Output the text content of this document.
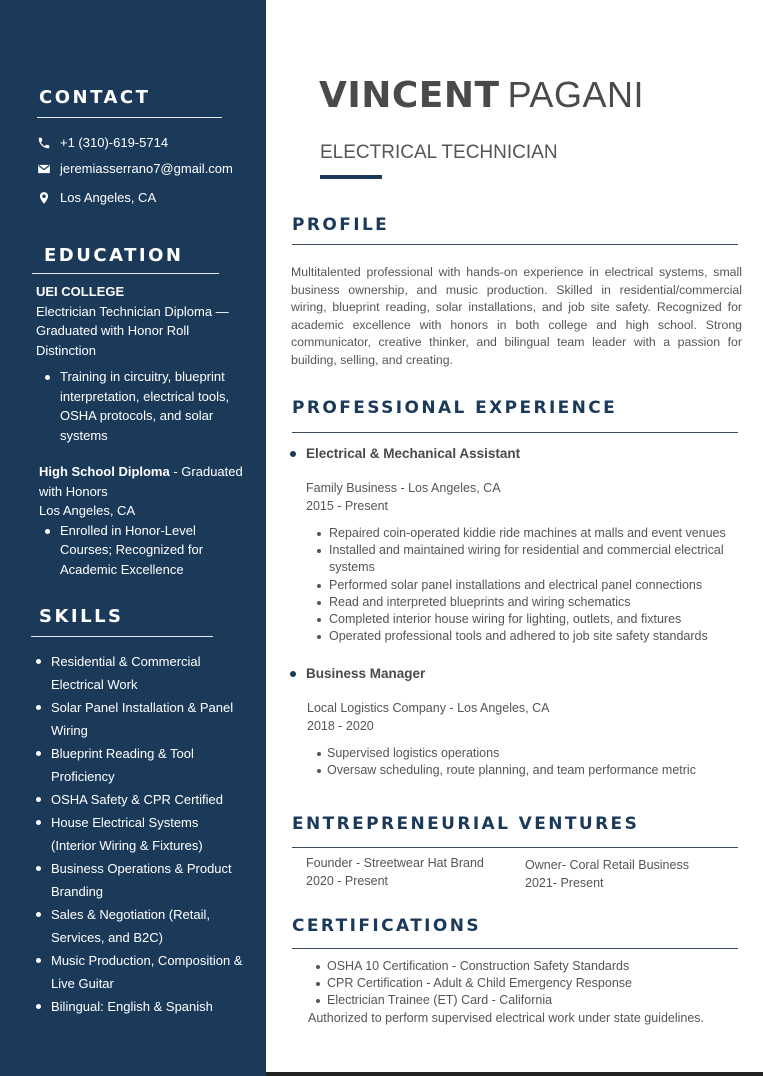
CONTACT
+1 (310)-619-5714
jeremiasserrano7@gmail.com
Los Angeles, CA
EDUCATION
UEI COLLEGE
Electrician Technician Diploma — Graduated with Honor Roll Distinction
Training in circuitry, blueprint interpretation, electrical tools, OSHA protocols, and solar systems
High School Diploma - Graduated with Honors
Los Angeles, CA
Enrolled in Honor-Level Courses; Recognized for Academic Excellence
SKILLS
Residential & Commercial Electrical Work
Solar Panel Installation & Panel Wiring
Blueprint Reading & Tool Proficiency
OSHA Safety & CPR Certified
House Electrical Systems (Interior Wiring & Fixtures)
Business Operations & Product Branding
Sales & Negotiation (Retail, Services, and B2C)
Music Production, Composition & Live Guitar
Bilingual: English & Spanish
VINCENT PAGANI

ELECTRICAL TECHNICIAN

PROFILE

Multitalented professional with hands-on experience in electrical systems, small business ownership, and music production. Skilled in residential/commercial wiring, blueprint reading, solar installations, and job site safety. Recognized for academic excellence with honors in both college and high school. Strong communicator, creative thinker, and bilingual team leader with a passion for building, selling, and creating.

PROFESSIONAL EXPERIENCE
Electrical & Mechanical Assistant
Family Business - Los Angeles, CA
2015 - Present
Repaired coin-operated kiddie ride machines at malls and event venues
Installed and maintained wiring for residential and commercial electrical systems
Performed solar panel installations and electrical panel connections
Read and interpreted blueprints and wiring schematics
Completed interior house wiring for lighting, outlets, and fixtures
Operated professional tools and adhered to job site safety standards
Business Manager
Local Logistics Company - Los Angeles, CA
2018 - 2020
Supervised logistics operations
Oversaw scheduling, route planning, and team performance metric
ENTREPRENEURIAL VENTURES
Founder - Streetwear Hat Brand
2020 - Present
Owner- Coral Retail Business
2021- Present
CERTIFICATIONS
OSHA 10 Certification - Construction Safety Standards
CPR Certification - Adult & Child Emergency Response
Electrician Trainee (ET) Card - California

Authorized to perform supervised electrical work under state guidelines.
